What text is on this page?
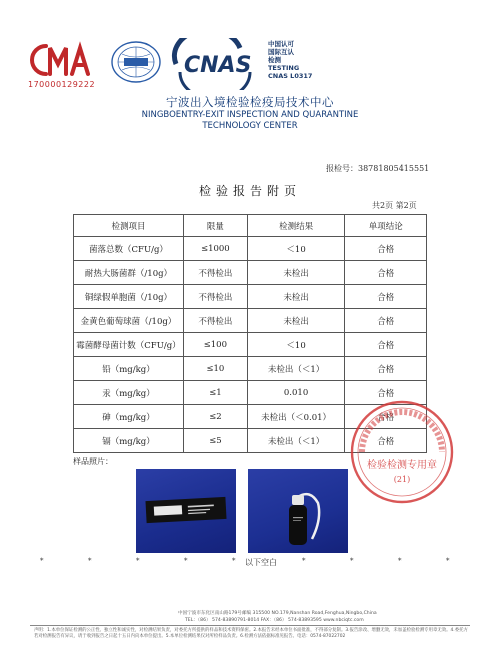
170000129222
CNAS
中国认可
国际互认
检测
TESTING
CNAS L0317
宁波出入境检验检疫局技术中心
NINGBOENTRY-EXIT INSPECTION AND QUARANTINE
TECHNOLOGY CENTER
报检号：38781805415551
检验报告附页
共2页 第2页
检测项目	限量	检测结果	单项结论
菌落总数（CFU/g）	≤1000	＜10	合格
耐热大肠菌群（/10g）	不得检出	未检出	合格
铜绿假单胞菌（/10g）	不得检出	未检出	合格
金黄色葡萄球菌（/10g）	不得检出	未检出	合格
霉菌酵母菌计数（CFU/g）	≤100	＜10	合格
铅（mg/kg）	≤10	未检出（＜1）	合格
汞（mg/kg）	≤1	0.010	合格
砷（mg/kg）	≤2	未检出（＜0.01）	合格
镉（mg/kg）	≤5	未检出（＜1）	合格
样品照片：
*	*	*	*	* 以下空白	*	*	*	*
检验检测专用章
(21)
中国宁波市东化区南山路179号邮编 315500 NO.179,Nanshan Road,Fenghua,Ningbo,China
TEL：（86） 574-83890791-8014 FAX：（86） 574-83893595 www.nbciqtc.com
声明：1.本单位保证检测的公正性、独立性和诚实性，对检测结果负责，对委托方所提供的样品和技术资料保密。2.本报告未经本单位书面批准，不得部分复制。3.报告涂改、增删无效，未加盖检验检测专用章无效。4.委托方若对检测报告有异议，请于收到报告之日起十五日内向本单位提出。5.本单位检测结果仅对所检样品负责。6.检测方法依据标准见报告。电话：0574-87022702
